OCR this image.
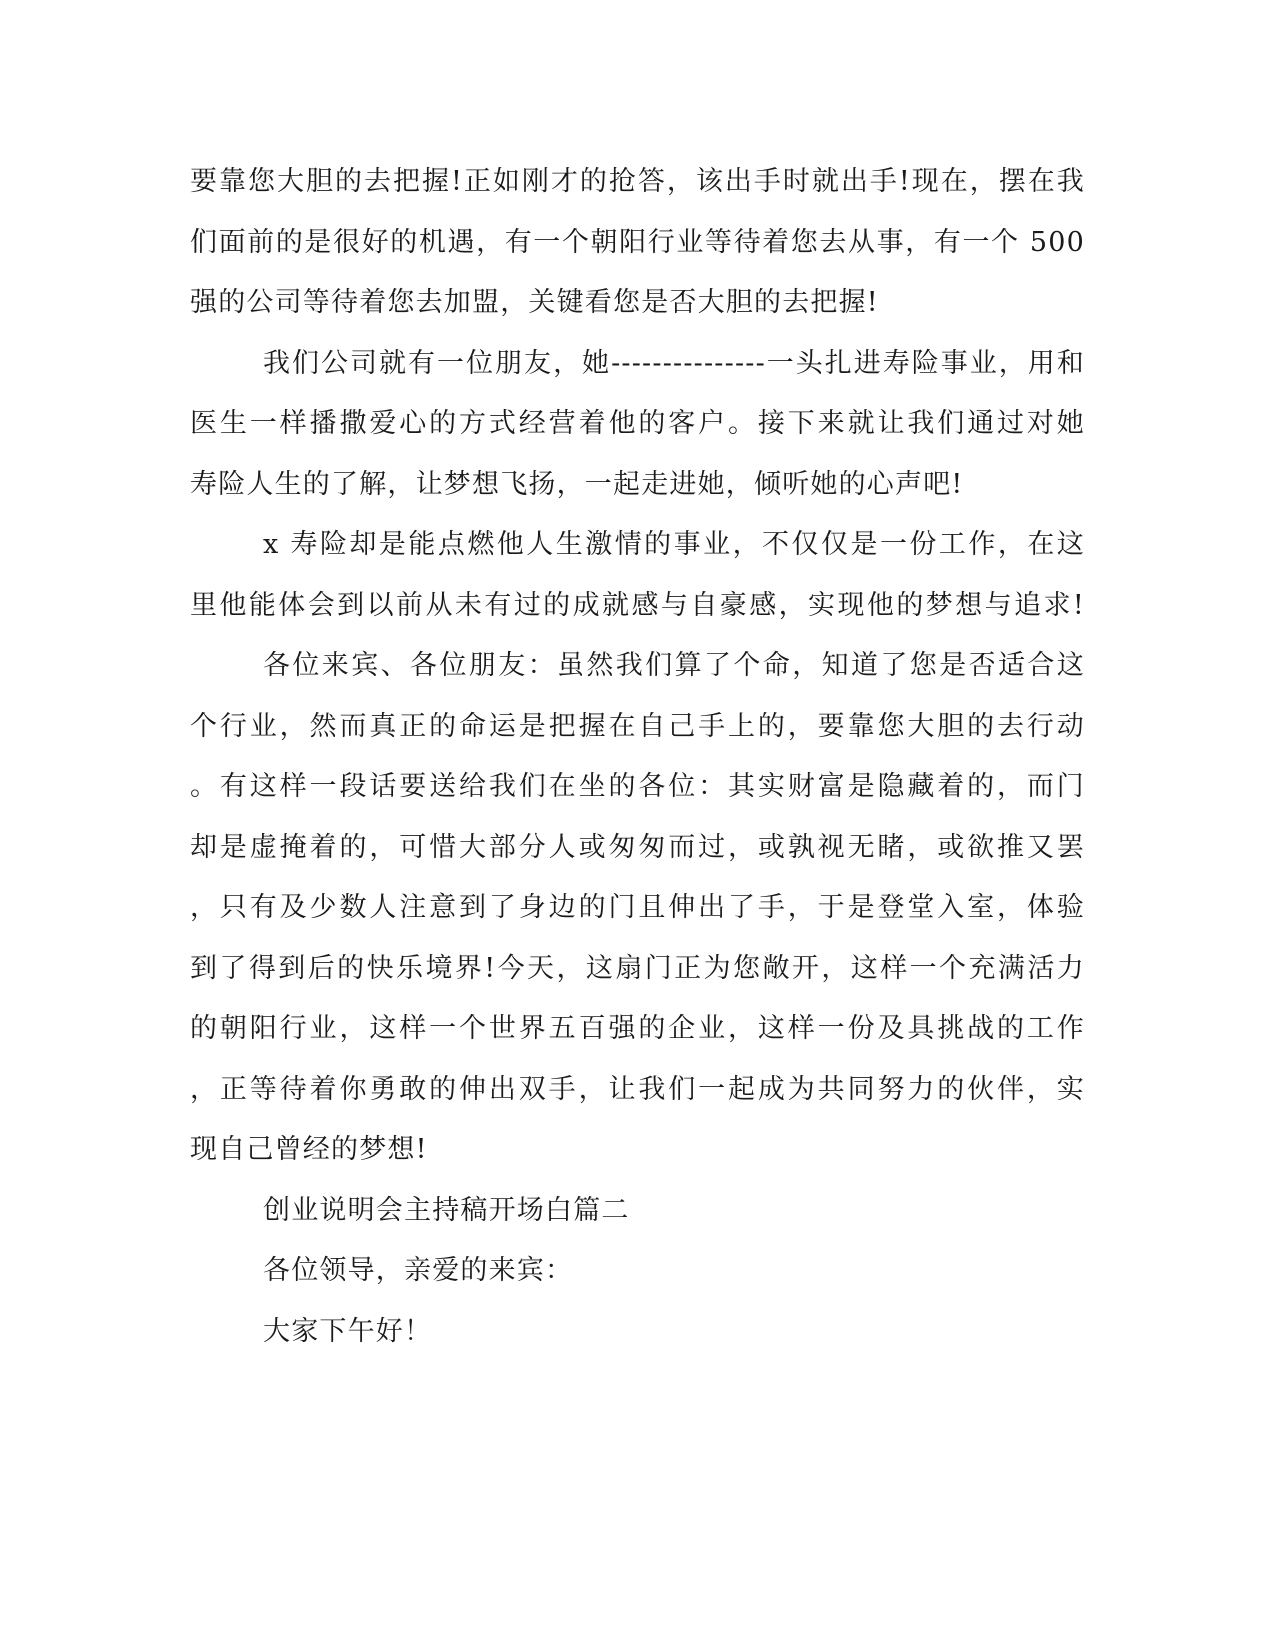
要靠您大胆的去把握!正如刚才的抢答，该出手时就出手!现在，摆在我
们面前的是很好的机遇，有一个朝阳行业等待着您去从事，有一个 500
强的公司等待着您去加盟，关键看您是否大胆的去把握!
我们公司就有一位朋友，她---------------一头扎进寿险事业，用和
医生一样播撒爱心的方式经营着他的客户。接下来就让我们通过对她
寿险人生的了解，让梦想飞扬，一起走进她，倾听她的心声吧!
x 寿险却是能点燃他人生激情的事业，不仅仅是一份工作，在这
里他能体会到以前从未有过的成就感与自豪感，实现他的梦想与追求!
各位来宾、各位朋友：虽然我们算了个命，知道了您是否适合这
个行业，然而真正的命运是把握在自己手上的，要靠您大胆的去行动
。有这样一段话要送给我们在坐的各位：其实财富是隐藏着的，而门
却是虚掩着的，可惜大部分人或匆匆而过，或孰视无睹，或欲推又罢
，只有及少数人注意到了身边的门且伸出了手，于是登堂入室，体验
到了得到后的快乐境界!今天，这扇门正为您敞开，这样一个充满活力
的朝阳行业，这样一个世界五百强的企业，这样一份及具挑战的工作
，正等待着你勇敢的伸出双手，让我们一起成为共同努力的伙伴，实
现自己曾经的梦想!
创业说明会主持稿开场白篇二
各位领导，亲爱的来宾：
大家下午好！
